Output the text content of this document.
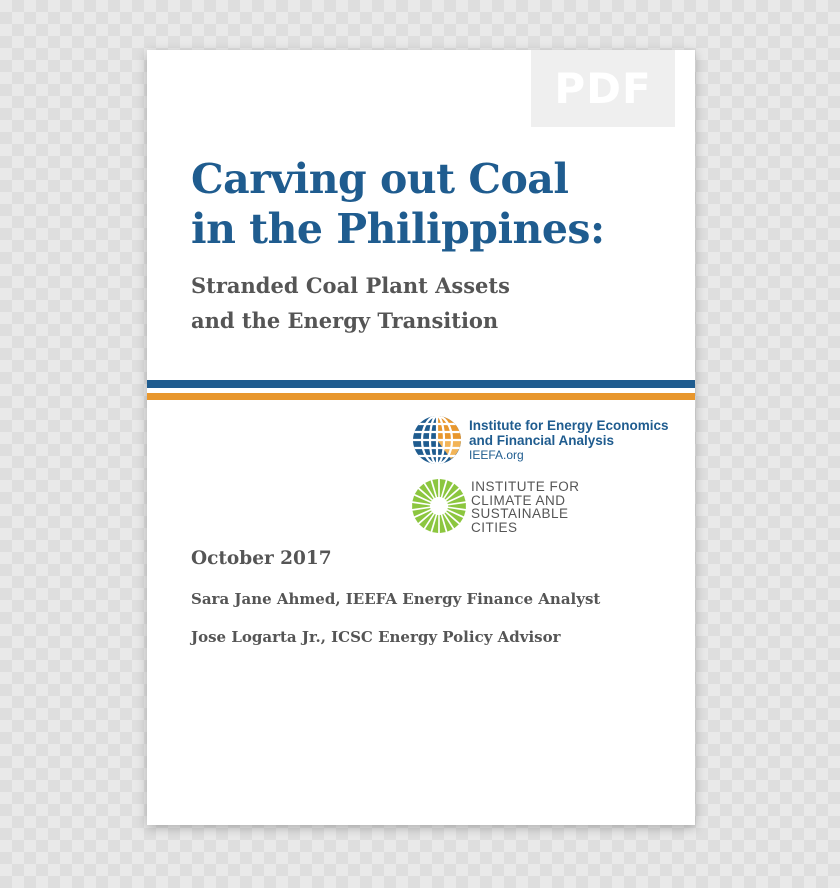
PDF
Carving out Coal
in the Philippines:
Stranded Coal Plant Assets
and the Energy Transition
Institute for Energy Economics
and Financial Analysis
IEEFA.org
INSTITUTE FOR
CLIMATE AND
SUSTAINABLE
CITIES

October 2017

Sara Jane Ahmed, IEEFA Energy Finance Analyst

Jose Logarta Jr., ICSC Energy Policy Advisor
